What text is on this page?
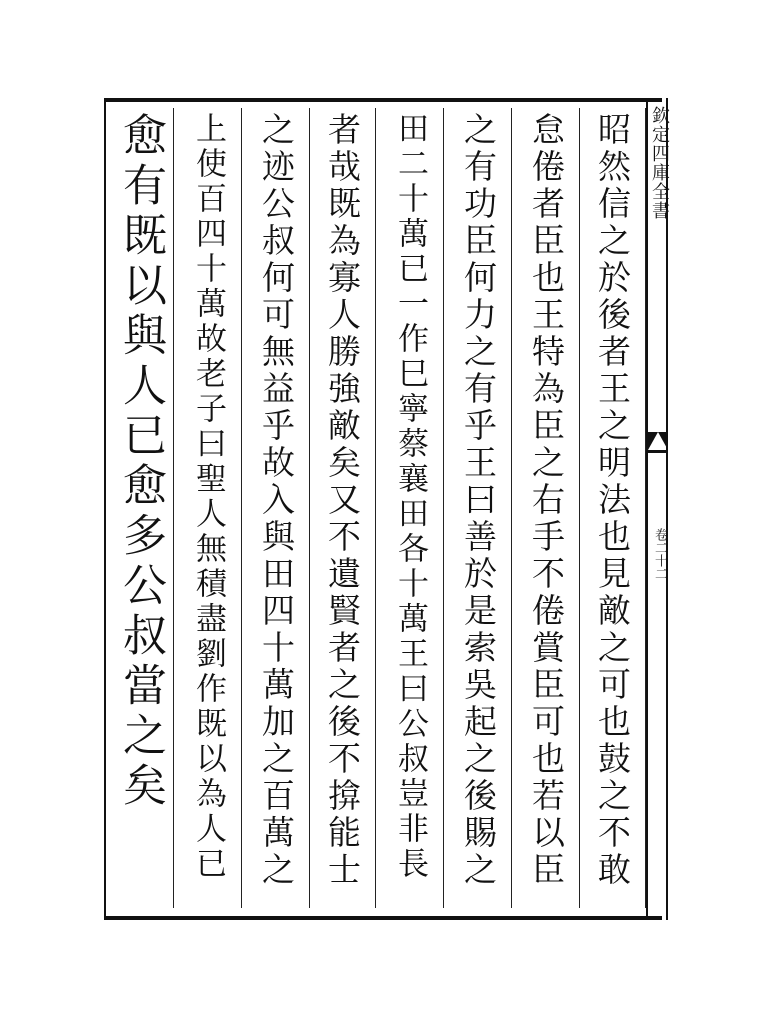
欽定四庫全書
卷二十二
昭然信之於後者王之明法也見敵之可也鼓之不敢
怠倦者臣也王特為臣之右手不倦賞臣可也若以臣
之有功臣何力之有乎王曰善於是索吳起之後賜之
田二十萬已一作巳寧蔡襄田各十萬王曰公叔豈非長
者哉既為寡人勝強敵矣又不遺賢者之後不揜能士
之迹公叔何可無益乎故入與田四十萬加之百萬之
上使百四十萬故老子曰聖人無積盡劉作既以為人已
愈有既以與人已愈多公叔當之矣
